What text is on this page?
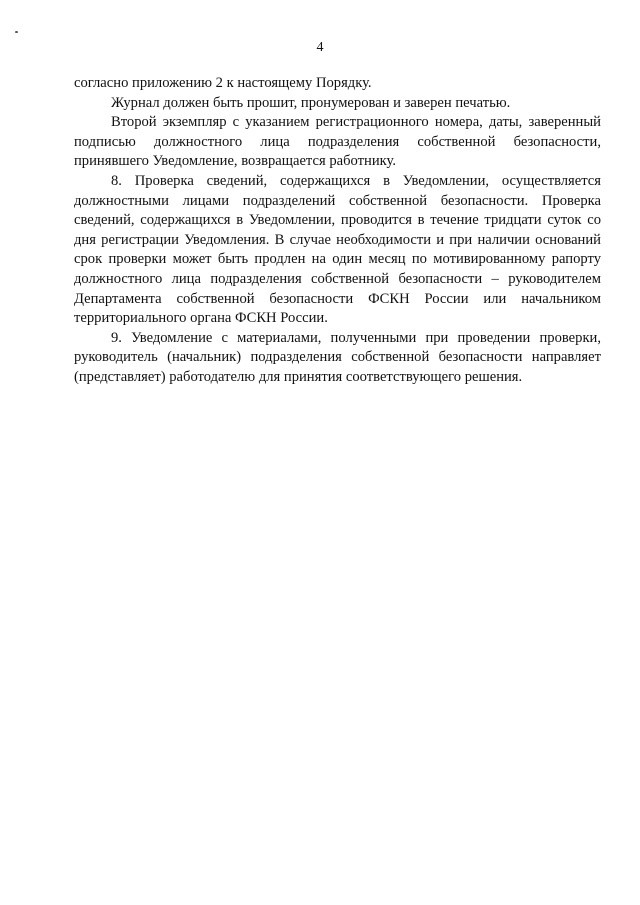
4

согласно приложению 2 к настоящему Порядку.

Журнал должен быть прошит, пронумерован и заверен печатью.

Второй экземпляр с указанием регистрационного номера, даты, заверенный подписью должностного лица подразделения собственной безопасности, принявшего Уведомление, возвращается работнику.

8. Проверка сведений, содержащихся в Уведомлении, осуществляется должностными лицами подразделений собственной безопасности. Проверка сведений, содержащихся в Уведомлении, проводится в течение тридцати суток со дня регистрации Уведомления. В случае необходимости и при наличии оснований срок проверки может быть продлен на один месяц по мотивированному рапорту должностного лица подразделения собственной безопасности – руководителем Департамента собственной безопасности ФСКН России или начальником территориального органа ФСКН России.

9. Уведомление с материалами, полученными при проведении проверки, руководитель (начальник) подразделения собственной безопасности направляет (представляет) работодателю для принятия соответствующего решения.
